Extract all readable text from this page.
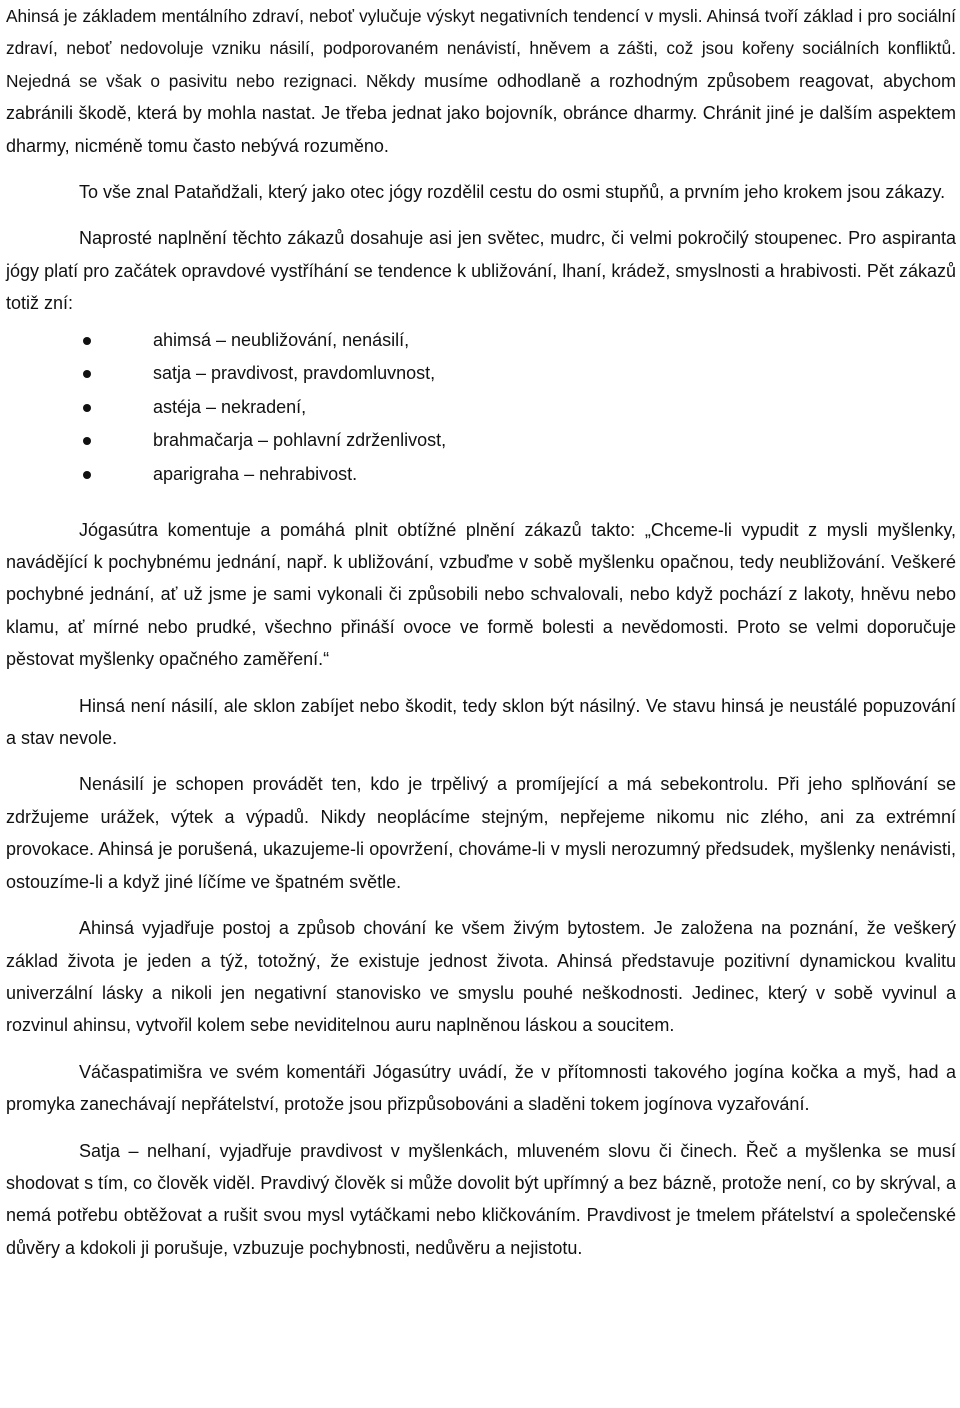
Ahinsá je základem mentálního zdraví, neboť vylučuje výskyt negativních tendencí v mysli. Ahinsá tvoří základ i pro sociální zdraví, neboť nedovoluje vzniku násilí, podporovaném nenávistí, hněvem a zášti, což jsou kořeny sociálních konfliktů. Nejedná se však o pasivitu nebo rezignaci. Někdy musíme odhodlaně a rozhodným způsobem reagovat, abychom zabránili škodě, která by mohla nastat. Je třeba jednat jako bojovník, obránce dharmy. Chránit jiné je dalším aspektem dharmy, nicméně tomu často nebývá rozuměno.

To vše znal Pataňdžali, který jako otec jógy rozdělil cestu do osmi stupňů, a prvním jeho krokem jsou zákazy.

Naprosté naplnění těchto zákazů dosahuje asi jen světec, mudrc, či velmi pokročilý stoupenec. Pro aspiranta jógy platí pro začátek opravdové vystříhání se tendence k ubližování, lhaní, krádež, smyslnosti a hrabivosti. Pět zákazů totiž zní:

ahimsá – neubližování, nenásilí,
satja – pravdivost, pravdomluvnost,
astéja – nekradení,
brahmačarja – pohlavní zdrženlivost,
aparigraha – nehrabivost.

Jógasútra komentuje a pomáhá plnit obtížné plnění zákazů takto: „Chceme-li vypudit z mysli myšlenky, navádějící k pochybnému jednání, např. k ubližování, vzbuďme v sobě myšlenku opačnou, tedy neubližování. Veškeré pochybné jednání, ať už jsme je sami vykonali či způsobili nebo schvalovali, nebo když pochází z lakoty, hněvu nebo klamu, ať mírné nebo prudké, všechno přináší ovoce ve formě bolesti a nevědomosti. Proto se velmi doporučuje pěstovat myšlenky opačného zaměření.“

Hinsá není násilí, ale sklon zabíjet nebo škodit, tedy sklon být násilný. Ve stavu hinsá je neustálé popuzování a stav nevole.

Nenásilí je schopen provádět ten, kdo je trpělivý a promíjející a má sebekontrolu. Při jeho splňování se zdržujeme urážek, výtek a výpadů. Nikdy neoplácíme stejným, nepřejeme nikomu nic zlého, ani za extrémní provokace. Ahinsá je porušená, ukazujeme-li opovržení, chováme-li v mysli nerozumný předsudek, myšlenky nenávisti, ostouzíme-li a když jiné líčíme ve špatném světle.

Ahinsá vyjadřuje postoj a způsob chování ke všem živým bytostem. Je založena na poznání, že veškerý základ života je jeden a týž, totožný, že existuje jednost života. Ahinsá představuje pozitivní dynamickou kvalitu univerzální lásky a nikoli jen negativní stanovisko ve smyslu pouhé neškodnosti. Jedinec, který v sobě vyvinul a rozvinul ahinsu, vytvořil kolem sebe neviditelnou auru naplněnou láskou a soucitem.

Váčaspatimišra ve svém komentáři Jógasútry uvádí, že v přítomnosti takového jogína kočka a myš, had a promyka zanechávají nepřátelství, protože jsou přizpůsobováni a sladěni tokem jogínova vyzařování.

Satja – nelhaní, vyjadřuje pravdivost v myšlenkách, mluveném slovu či činech. Řeč a myšlenka se musí shodovat s tím, co člověk viděl. Pravdivý člověk si může dovolit být upřímný a bez bázně, protože není, co by skrýval, a nemá potřebu obtěžovat a rušit svou mysl vytáčkami nebo kličkováním. Pravdivost je tmelem přátelství a společenské důvěry a kdokoli ji porušuje, vzbuzuje pochybnosti, nedůvěru a nejistotu.
